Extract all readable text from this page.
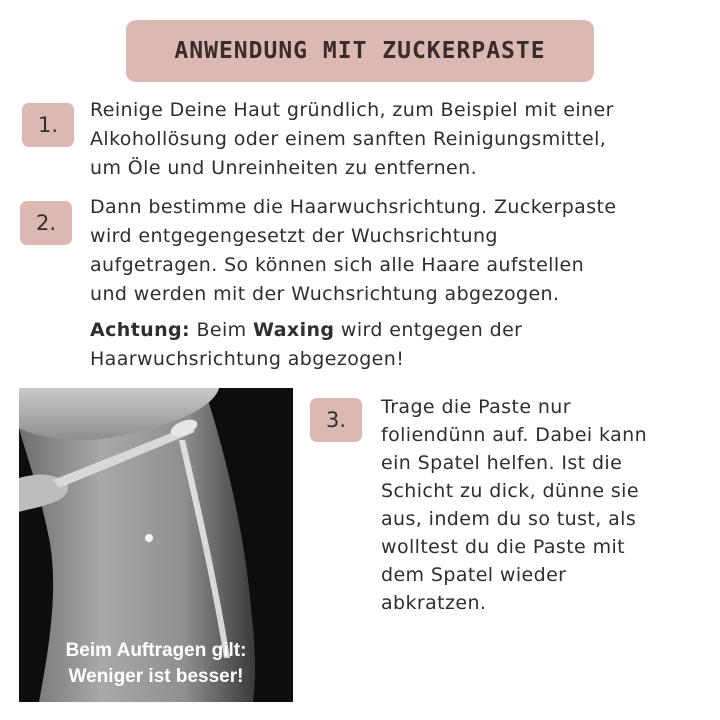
ANWENDUNG MIT ZUCKERPASTE
1.
Reinige Deine Haut gründlich, zum Beispiel mit einer
Alkohollösung oder einem sanften Reinigungsmittel,
um Öle und Unreinheiten zu entfernen.
2.
Dann bestimme die Haarwuchsrichtung. Zuckerpaste
wird entgegengesetzt der Wuchsrichtung
aufgetragen. So können sich alle Haare aufstellen
und werden mit der Wuchsrichtung abgezogen.
Achtung: Beim Waxing wird entgegen der
Haarwuchsrichtung abgezogen!
Beim Auftragen gilt:
Weniger ist besser!
3.
Trage die Paste nur
foliendünn auf. Dabei kann
ein Spatel helfen. Ist die
Schicht zu dick, dünne sie
aus, indem du so tust, als
wolltest du die Paste mit
dem Spatel wieder
abkratzen.
